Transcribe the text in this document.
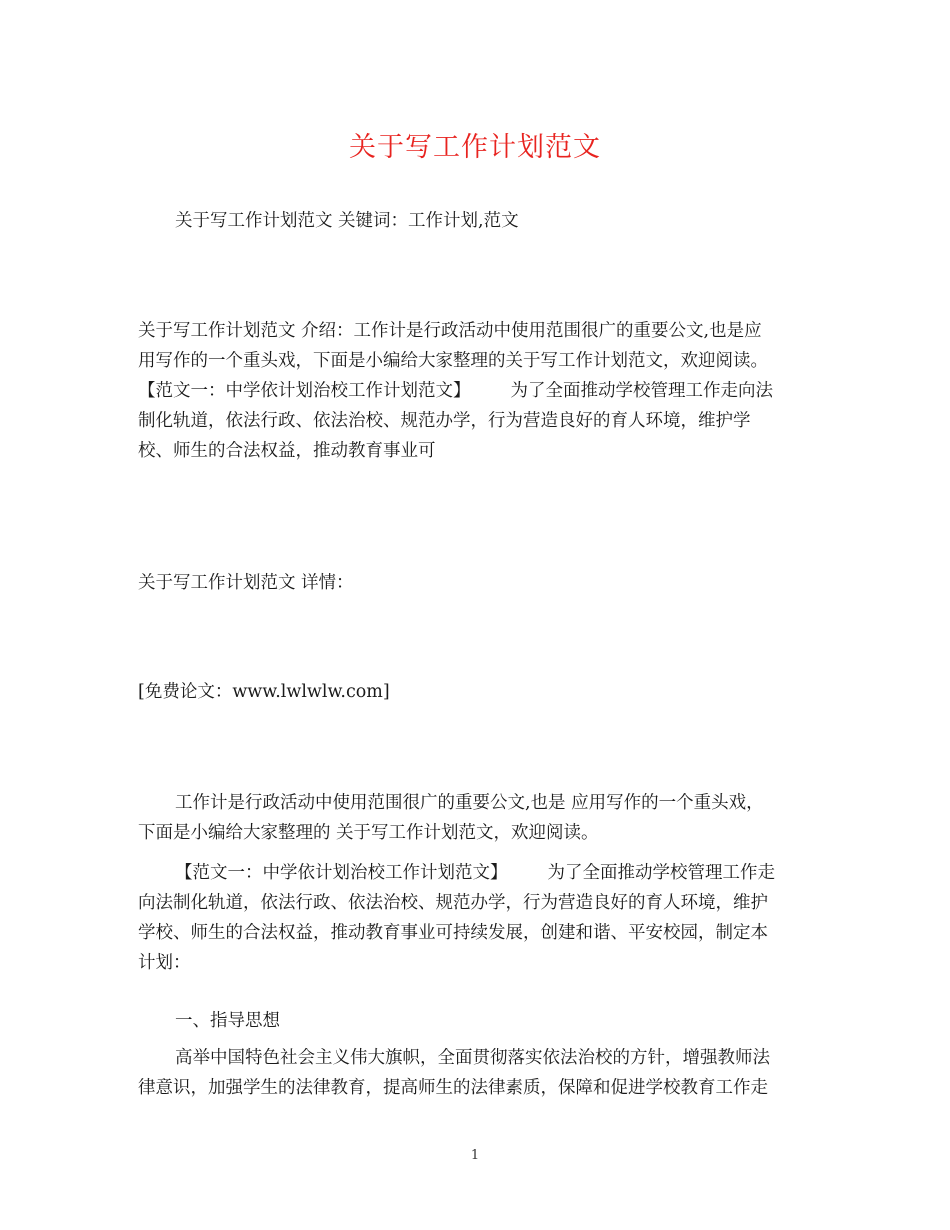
关于写工作计划范文

关于写工作计划范文 关键词：工作计划,范文

关于写工作计划范文 介绍：工作计是行政活动中使用范围很广的重要公文,也是应
用写作的一个重头戏，下面是小编给大家整理的关于写工作计划范文，欢迎阅读。
【范文一：中学依计划治校工作计划范文】 为了全面推动学校管理工作走向法
制化轨道，依法行政、依法治校、规范办学，行为营造良好的育人环境，维护学
校、师生的合法权益，推动教育事业可

关于写工作计划范文 详情：

[免费论文：www.lwlwlw.com]

工作计是行政活动中使用范围很广的重要公文,也是 应用写作的一个重头戏，
下面是小编给大家整理的 关于写工作计划范文，欢迎阅读。
【范文一：中学依计划治校工作计划范文】 为了全面推动学校管理工作走
向法制化轨道，依法行政、依法治校、规范办学，行为营造良好的育人环境，维护
学校、师生的合法权益，推动教育事业可持续发展，创建和谐、平安校园，制定本
计划：

一、指导思想

高举中国特色社会主义伟大旗帜，全面贯彻落实依法治校的方针，增强教师法
律意识，加强学生的法律教育，提高师生的法律素质，保障和促进学校教育工作走
1
